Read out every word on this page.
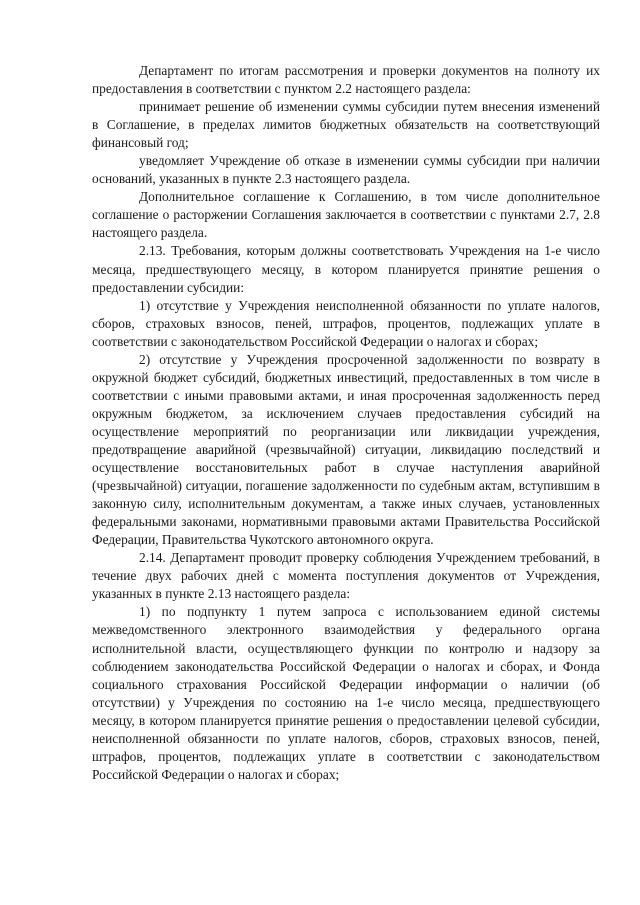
Департамент по итогам рассмотрения и проверки документов на полноту их предоставления в соответствии с пунктом 2.2 настоящего раздела:

принимает решение об изменении суммы субсидии путем внесения изменений в Соглашение, в пределах лимитов бюджетных обязательств на соответствующий финансовый год;

уведомляет Учреждение об отказе в изменении суммы субсидии при наличии оснований, указанных в пункте 2.3 настоящего раздела.

Дополнительное соглашение к Соглашению, в том числе дополнительное соглашение о расторжении Соглашения заключается в соответствии с пунктами 2.7, 2.8 настоящего раздела.

2.13. Требования, которым должны соответствовать Учреждения на 1-е число месяца, предшествующего месяцу, в котором планируется принятие решения о предоставлении субсидии:

1) отсутствие у Учреждения неисполненной обязанности по уплате налогов, сборов, страховых взносов, пеней, штрафов, процентов, подлежащих уплате в соответствии с законодательством Российской Федерации о налогах и сборах;

2) отсутствие у Учреждения просроченной задолженности по возврату в окружной бюджет субсидий, бюджетных инвестиций, предоставленных в том числе в соответствии с иными правовыми актами, и иная просроченная задолженность перед окружным бюджетом, за исключением случаев предоставления субсидий на осуществление мероприятий по реорганизации или ликвидации учреждения, предотвращение аварийной (чрезвычайной) ситуации, ликвидацию последствий и осуществление восстановительных работ в случае наступления аварийной (чрезвычайной) ситуации, погашение задолженности по судебным актам, вступившим в законную силу, исполнительным документам, а также иных случаев, установленных федеральными законами, нормативными правовыми актами Правительства Российской Федерации, Правительства Чукотского автономного округа.

2.14. Департамент проводит проверку соблюдения Учреждением требований, в течение двух рабочих дней с момента поступления документов от Учреждения, указанных в пункте 2.13 настоящего раздела:

1) по подпункту 1 путем запроса с использованием единой системы межведомственного электронного взаимодействия у федерального органа исполнительной власти, осуществляющего функции по контролю и надзору за соблюдением законодательства Российской Федерации о налогах и сборах, и Фонда социального страхования Российской Федерации информации о наличии (об отсутствии) у Учреждения по состоянию на 1-е число месяца, предшествующего месяцу, в котором планируется принятие решения о предоставлении целевой субсидии, неисполненной обязанности по уплате налогов, сборов, страховых взносов, пеней, штрафов, процентов, подлежащих уплате в соответствии с законодательством Российской Федерации о налогах и сборах;
